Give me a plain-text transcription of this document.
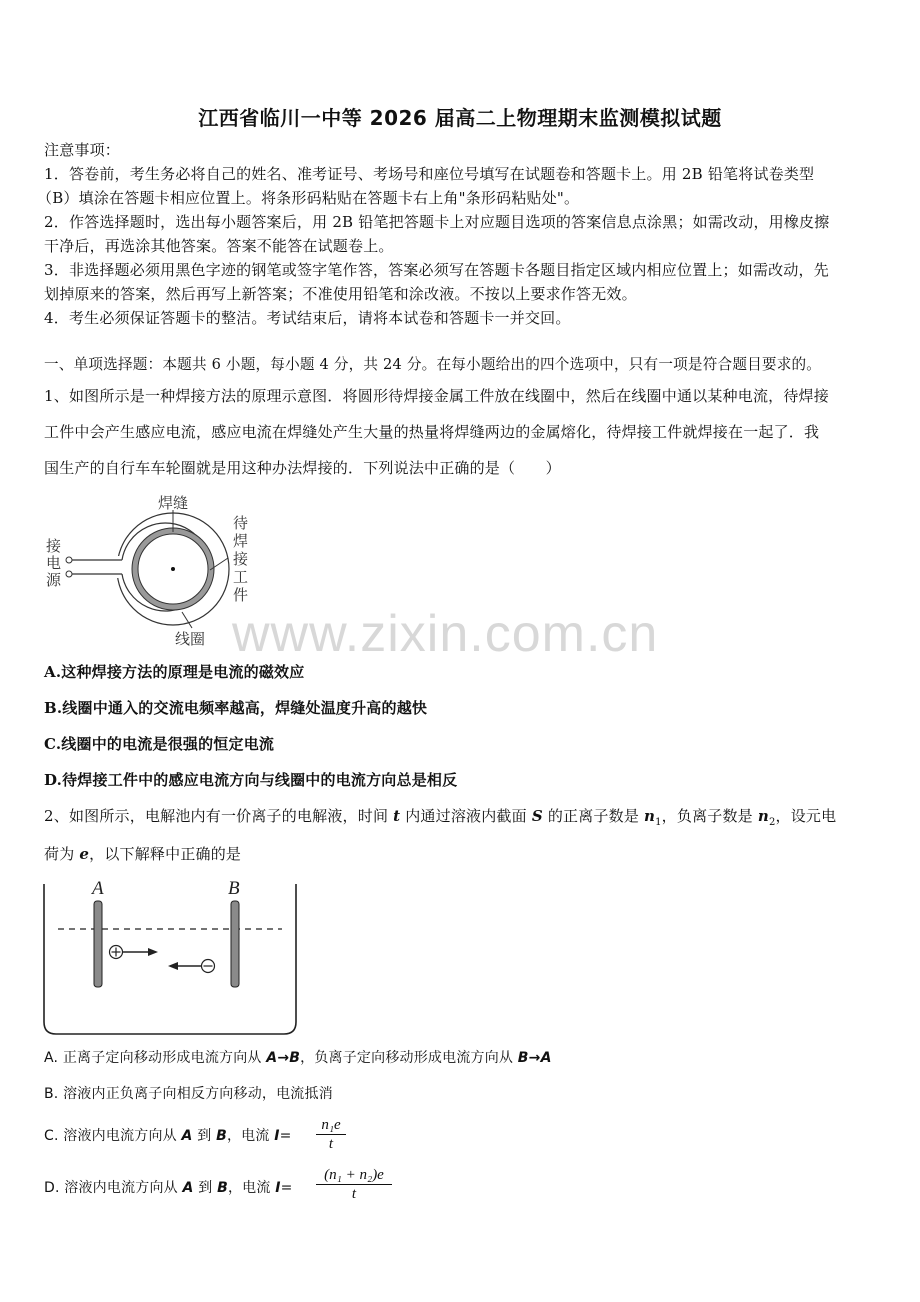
江西省临川一中等 2026 届高二上物理期末监测模拟试题
注意事项：
1．答卷前，考生务必将自己的姓名、准考证号、考场号和座位号填写在试题卷和答题卡上。用 2B 铅笔将试卷类型
（B）填涂在答题卡相应位置上。将条形码粘贴在答题卡右上角"条形码粘贴处"。
2．作答选择题时，选出每小题答案后，用 2B 铅笔把答题卡上对应题目选项的答案信息点涂黑；如需改动，用橡皮擦
干净后，再选涂其他答案。答案不能答在试题卷上。
3．非选择题必须用黑色字迹的钢笔或签字笔作答，答案必须写在答题卡各题目指定区域内相应位置上；如需改动，先
划掉原来的答案，然后再写上新答案；不准使用铅笔和涂改液。不按以上要求作答无效。
4．考生必须保证答题卡的整洁。考试结束后，请将本试卷和答题卡一并交回。
一、单项选择题：本题共 6 小题，每小题 4 分，共 24 分。在每小题给出的四个选项中，只有一项是符合题目要求的。
1、如图所示是一种焊接方法的原理示意图．将圆形待焊接金属工件放在线圈中，然后在线圈中通以某种电流，待焊接
工件中会产生感应电流，感应电流在焊缝处产生大量的热量将焊缝两边的金属熔化，待焊接工件就焊接在一起了．我
国生产的自行车车轮圈就是用这种办法焊接的．下列说法中正确的是（　　）
焊缝
待
焊
接
工
件
接
电
源
线圈 www.zixin.com.cn
A.这种焊接方法的原理是电流的磁效应
B.线圈中通入的交流电频率越高，焊缝处温度升高的越快
C.线圈中的电流是很强的恒定电流
D.待焊接工件中的感应电流方向与线圈中的电流方向总是相反
2、如图所示，电解池内有一价离子的电解液，时间 t 内通过溶液内截面 S 的正离子数是 $n_1$，负离子数是 $n_2$，设元电
荷为 e，以下解释中正确的是
A	B
A. 正离子定向移动形成电流方向从 A→B，负离子定向移动形成电流方向从 B→A
B. 溶液内正负离子向相反方向移动，电流抵消
C. 溶液内电流方向从 A 到 B，电流 $I= \frac{\text{n₁e}}{t}$
D. 溶液内电流方向从 A 到 B，电流 $I= \frac{\text{(n₁ + n₂)e}}{t}$
